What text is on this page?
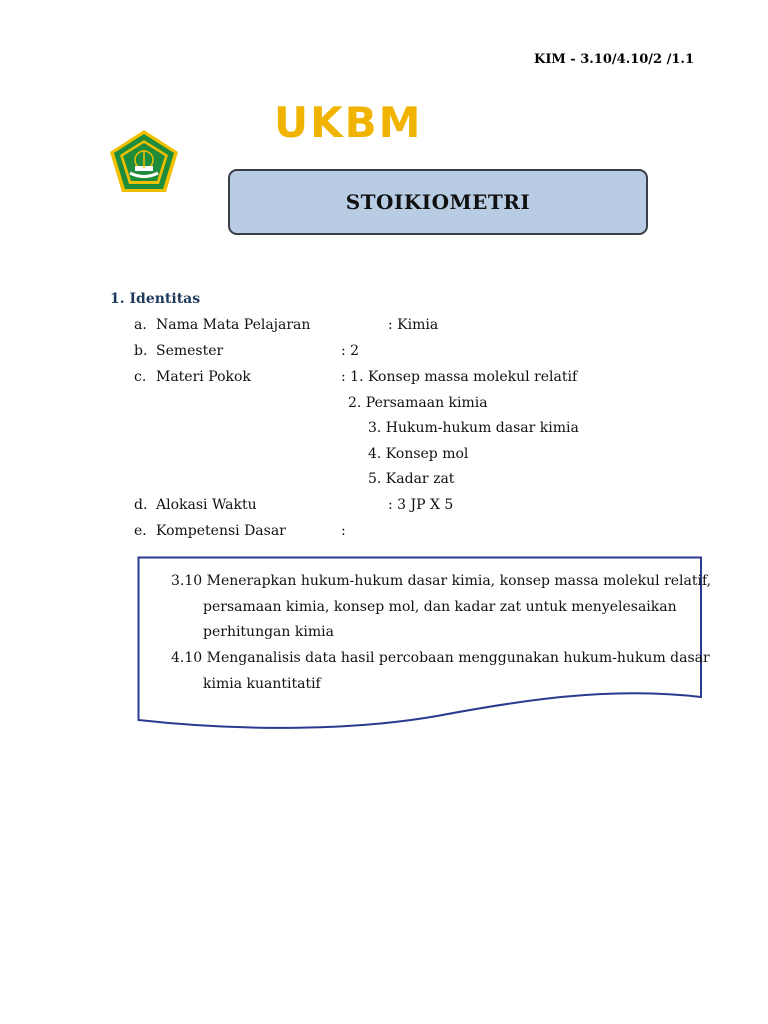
KIM - 3.10/4.10/2 /1.1
UKBM
STOIKIOMETRI
1. Identitas
a. Nama Mata Pelajaran	: Kimia
b. Semester	: 2
c. Materi Pokok	: 1. Konsep massa molekul relatif
2. Persamaan kimia
3. Hukum-hukum dasar kimia
4. Konsep mol
5. Kadar zat
d. Alokasi Waktu	: 3 JP X 5
e. Kompetensi Dasar	:
3.10 Menerapkan hukum-hukum dasar kimia, konsep massa molekul relatif,
persamaan kimia, konsep mol, dan kadar zat untuk menyelesaikan
perhitungan kimia
4.10 Menganalisis data hasil percobaan menggunakan hukum-hukum dasar
kimia kuantitatif
